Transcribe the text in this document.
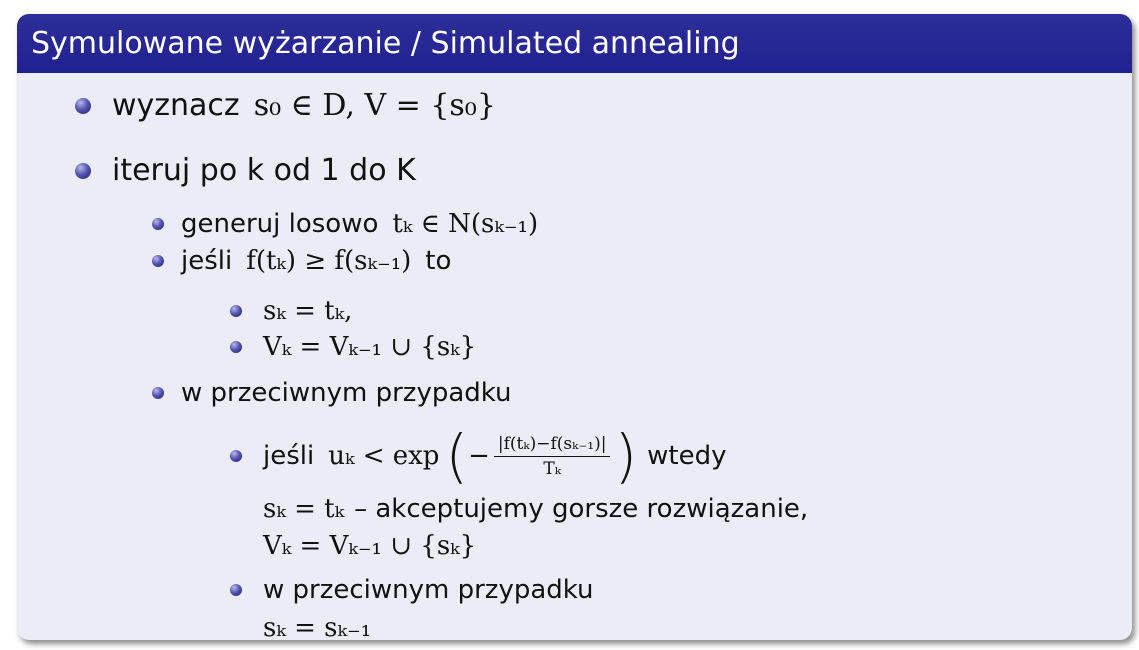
Symulowane wyżarzanie / Simulated annealing
wyznacz s₀ ∈ D, V = {s₀}
iteruj po k od 1 do K
generuj losowo tₖ ∈ N(sₖ₋₁)
jeśli f(tₖ) ≥ f(sₖ₋₁) to
sₖ = tₖ,
Vₖ = Vₖ₋₁ ∪ {sₖ}
w przeciwnym przypadku
jeśli uₖ < exp ( − $\frac{\text{|f(tₖ)−f(sₖ₋₁)|}}{\text{Tₖ}}$ ) wtedy
sₖ = tₖ – akceptujemy gorsze rozwiązanie,
Vₖ = Vₖ₋₁ ∪ {sₖ}
w przeciwnym przypadku
sₖ = sₖ₋₁
